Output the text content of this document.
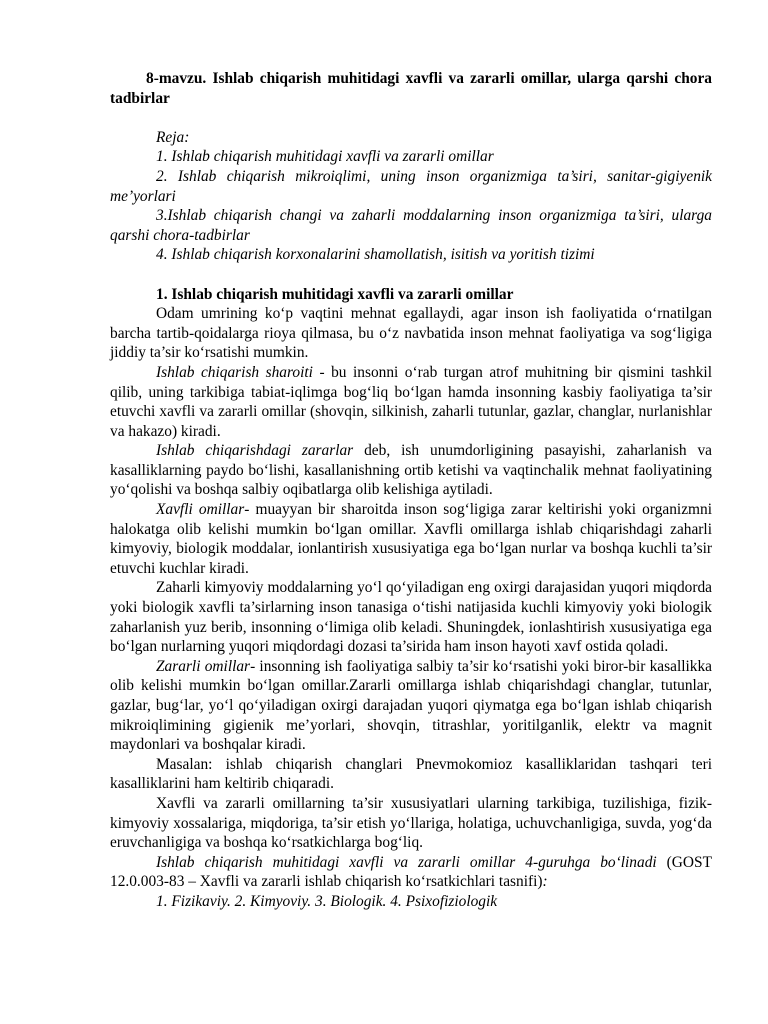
8-mavzu. Ishlab chiqarish muhitidagi xavfli va zararli omillar, ularga qarshi chora tadbirlar

Reja:

1. Ishlab chiqarish muhitidagi xavfli va zararli omillar

2. Ishlab chiqarish mikroiqlimi, uning inson organizmiga ta’siri, sanitar-gigiyenik me’yorlari

3.Ishlab chiqarish changi va zaharli moddalarning inson organizmiga ta’siri, ularga qarshi chora-tadbirlar

4. Ishlab chiqarish korxonalarini shamollatish, isitish va yoritish tizimi

1. Ishlab chiqarish muhitidagi xavfli va zararli omillar

Odam umrining ko‘p vaqtini mehnat egallaydi, agar inson ish faoliyatida o‘rnatilgan barcha tartib-qoidalarga rioya qilmasa, bu o‘z navbatida inson mehnat faoliyatiga va sog‘ligiga jiddiy ta’sir ko‘rsatishi mumkin.

Ishlab chiqarish sharoiti - bu insonni o‘rab turgan atrof muhitning bir qismini tashkil qilib, uning tarkibiga tabiat-iqlimga bog‘liq bo‘lgan hamda insonning kasbiy faoliyatiga ta’sir etuvchi xavfli va zararli omillar (shovqin, silkinish, zaharli tutunlar, gazlar, changlar, nurlanishlar va hakazo) kiradi.

Ishlab chiqarishdagi zararlar deb, ish unumdorligining pasayishi, zaharlanish va kasalliklarning paydo bo‘lishi, kasallanishning ortib ketishi va vaqtinchalik mehnat faoliyatining yo‘qolishi va boshqa salbiy oqibatlarga olib kelishiga aytiladi.

Xavfli omillar- muayyan bir sharoitda inson sog‘ligiga zarar keltirishi yoki organizmni halokatga olib kelishi mumkin bo‘lgan omillar. Xavfli omillarga ishlab chiqarishdagi zaharli kimyoviy, biologik moddalar, ionlantirish xususiyatiga ega bo‘lgan nurlar va boshqa kuchli ta’sir etuvchi kuchlar kiradi.

Zaharli kimyoviy moddalarning yo‘l qo‘yiladigan eng oxirgi darajasidan yuqori miqdorda yoki biologik xavfli ta’sirlarning inson tanasiga o‘tishi natijasida kuchli kimyoviy yoki biologik zaharlanish yuz berib, insonning o‘limiga olib keladi. Shuningdek, ionlashtirish xususiyatiga ega bo‘lgan nurlarning yuqori miqdordagi dozasi ta’sirida ham inson hayoti xavf ostida qoladi.

Zararli omillar- insonning ish faoliyatiga salbiy ta’sir ko‘rsatishi yoki biror-bir kasallikka olib kelishi mumkin bo‘lgan omillar.Zararli omillarga ishlab chiqarishdagi changlar, tutunlar, gazlar, bug‘lar, yo‘l qo‘yiladigan oxirgi darajadan yuqori qiymatga ega bo‘lgan ishlab chiqarish mikroiqlimining gigienik me’yorlari, shovqin, titrashlar, yoritilganlik, elektr va magnit maydonlari va boshqalar kiradi.

Masalan: ishlab chiqarish changlari Pnevmokomioz kasalliklaridan tashqari teri kasalliklarini ham keltirib chiqaradi.

Xavfli va zararli omillarning ta’sir xususiyatlari ularning tarkibiga, tuzilishiga, fizik-kimyoviy xossalariga, miqdoriga, ta’sir etish yo‘llariga, holatiga, uchuvchanligiga, suvda, yog‘da eruvchanligiga va boshqa ko‘rsatkichlarga bog‘liq.

Ishlab chiqarish muhitidagi xavfli va zararli omillar 4-guruhga bo‘linadi (GOST 12.0.003-83 – Xavfli va zararli ishlab chiqarish ko‘rsatkichlari tasnifi):

1. Fizikaviy. 2. Kimyoviy. 3. Biologik. 4. Psixofiziologik
